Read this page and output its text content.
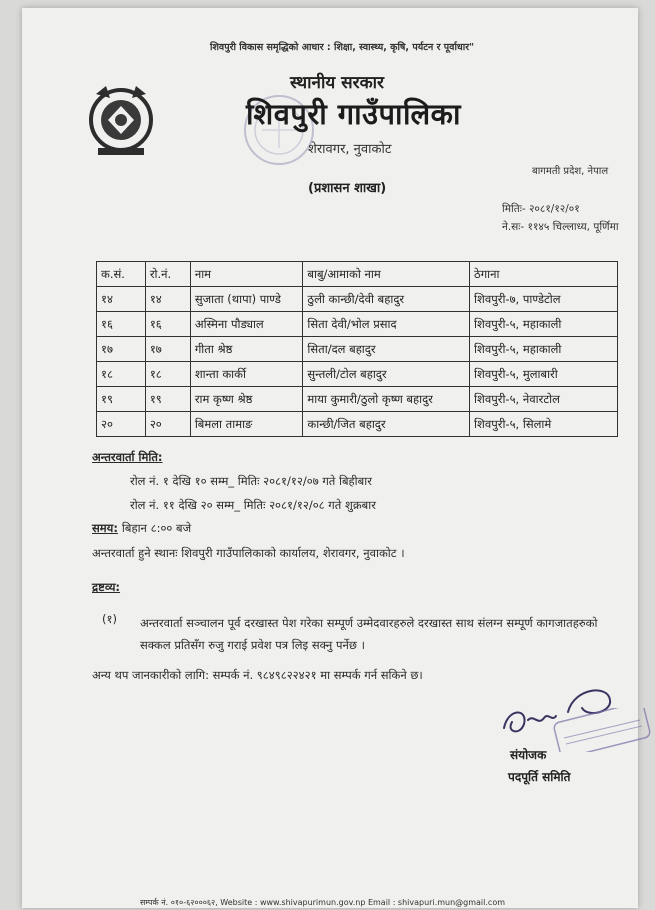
शिवपुरी विकास समृद्धिको आधार : शिक्षा, स्वास्थ्य, कृषि, पर्यटन र पूर्वाधार"
स्थानीय सरकार
शिवपुरी गाउँपालिका
शेरावगर, नुवाकोट
(प्रशासन शाखा)
बागमती प्रदेश, नेपाल
मितिः- २०८१/१२/०१
ने.सः- ११४५ चिल्लाध्य, पूर्णिमा
क.सं.	रो.नं.	नाम	बाबु/आमाको नाम	ठेगाना
१४	१४	सुजाता (थापा) पाण्डे	ठुली कान्छी/देवी बहादुर	शिवपुरी-७, पाण्डेटोल
१६	१६	अस्मिना पौड्याल	सिता देवी/भोल प्रसाद	शिवपुरी-५, महाकाली
१७	१७	गीता श्रेष्ठ	सिता/दल बहादुर	शिवपुरी-५, महाकाली
१८	१८	शान्ता कार्की	सुन्तली/टोल बहादुर	शिवपुरी-५, मुलाबारी
१९	१९	राम कृष्ण श्रेष्ठ	माया कुमारी/ठुलो कृष्ण बहादुर	शिवपुरी-५, नेवारटोल
२०	२०	बिमला तामाङ	कान्छी/जित बहादुर	शिवपुरी-५, सिलामे
अन्तरवार्ता मिति:
रोल नं. १ देखि १० सम्म_ मितिः २०८१/१२/०७ गते बिहीबार
रोल नं. ११ देखि २० सम्म_ मितिः २०८१/१२/०८ गते शुक्रबार
समय: बिहान ८:०० बजे
अन्तरवार्ता हुने स्थानः शिवपुरी गाउँपालिकाको कार्यालय, शेरावगर, नुवाकोट ।
द्रष्टव्य:
(१) अन्तरवार्ता सञ्चालन पूर्व दरखास्त पेश गरेका सम्पूर्ण उम्मेदवारहरुले दरखास्त साथ संलग्न सम्पूर्ण कागजातहरुको सक्कल प्रतिसँग रुजु गराई प्रवेश पत्र लिइ सक्नु पर्नेछ ।
अन्य थप जानकारीको लागि: सम्पर्क नं. ९८४९८२२४२१ मा सम्पर्क गर्न सकिने छ।
संयोजक
पदपूर्ति समिति
सम्पर्क नं. ०१०-६२०००६२, Website : www.shivapurimun.gov.np Email : shivapuri.mun@gmail.com
